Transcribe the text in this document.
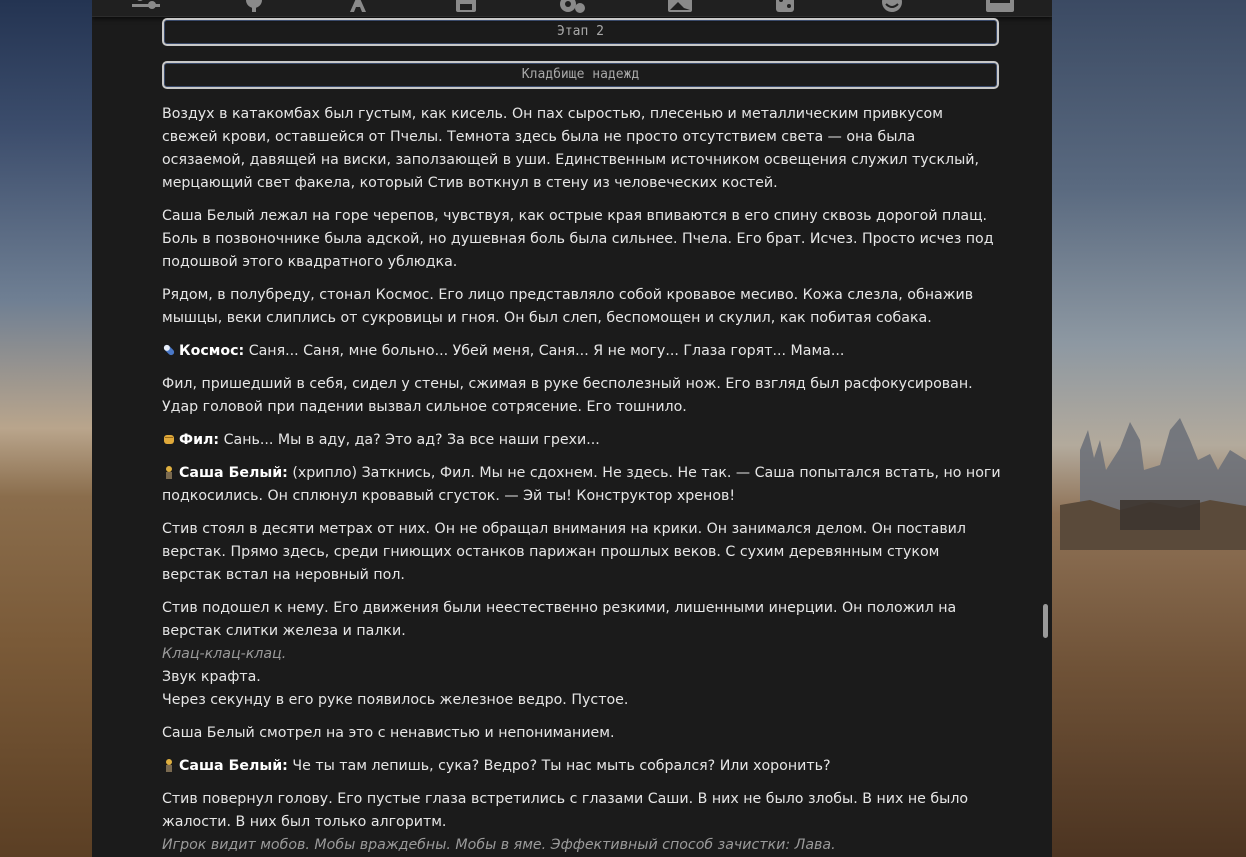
Этап 2
Кладбище надежд

Воздух в катакомбах был густым, как кисель. Он пах сыростью, плесенью и металлическим привкусом свежей крови, оставшейся от Пчелы. Темнота здесь была не просто отсутствием света — она была осязаемой, давящей на виски, заползающей в уши. Единственным источником освещения служил тусклый, мерцающий свет факела, который Стив воткнул в стену из человеческих костей.

Саша Белый лежал на горе черепов, чувствуя, как острые края впиваются в его спину сквозь дорогой плащ. Боль в позвоночнике была адской, но душевная боль была сильнее. Пчела. Его брат. Исчез. Просто исчез под подошвой этого квадратного ублюдка.

Рядом, в полубреду, стонал Космос. Его лицо представляло собой кровавое месиво. Кожа слезла, обнажив мышцы, веки слиплись от сукровицы и гноя. Он был слеп, беспомощен и скулил, как побитая собака.

Космос: Саня... Саня, мне больно... Убей меня, Саня... Я не могу... Глаза горят... Мама...

Фил, пришедший в себя, сидел у стены, сжимая в руке бесполезный нож. Его взгляд был расфокусирован. Удар головой при падении вызвал сильное сотрясение. Его тошнило.

Фил: Сань... Мы в аду, да? Это ад? За все наши грехи...

Саша Белый: (хрипло) Заткнись, Фил. Мы не сдохнем. Не здесь. Не так. — Саша попытался встать, но ноги подкосились. Он сплюнул кровавый сгусток. — Эй ты! Конструктор хренов!

Стив стоял в десяти метрах от них. Он не обращал внимания на крики. Он занимался делом. Он поставил верстак. Прямо здесь, среди гниющих останков парижан прошлых веков. С сухим деревянным стуком верстак встал на неровный пол.

Стив подошел к нему. Его движения были неестественно резкими, лишенными инерции. Он положил на верстак слитки железа и палки.

Клац-клац-клац.
Звук крафта.
Через секунду в его руке появилось железное ведро. Пустое.

Саша Белый смотрел на это с ненавистью и непониманием.

Саша Белый: Че ты там лепишь, сука? Ведро? Ты нас мыть собрался? Или хоронить?

Стив повернул голову. Его пустые глаза встретились с глазами Саши. В них не было злобы. В них не было жалости. В них был только алгоритм.
Игрок видит мобов. Мобы враждебны. Мобы в яме. Эффективный способ зачистки: Лава.
